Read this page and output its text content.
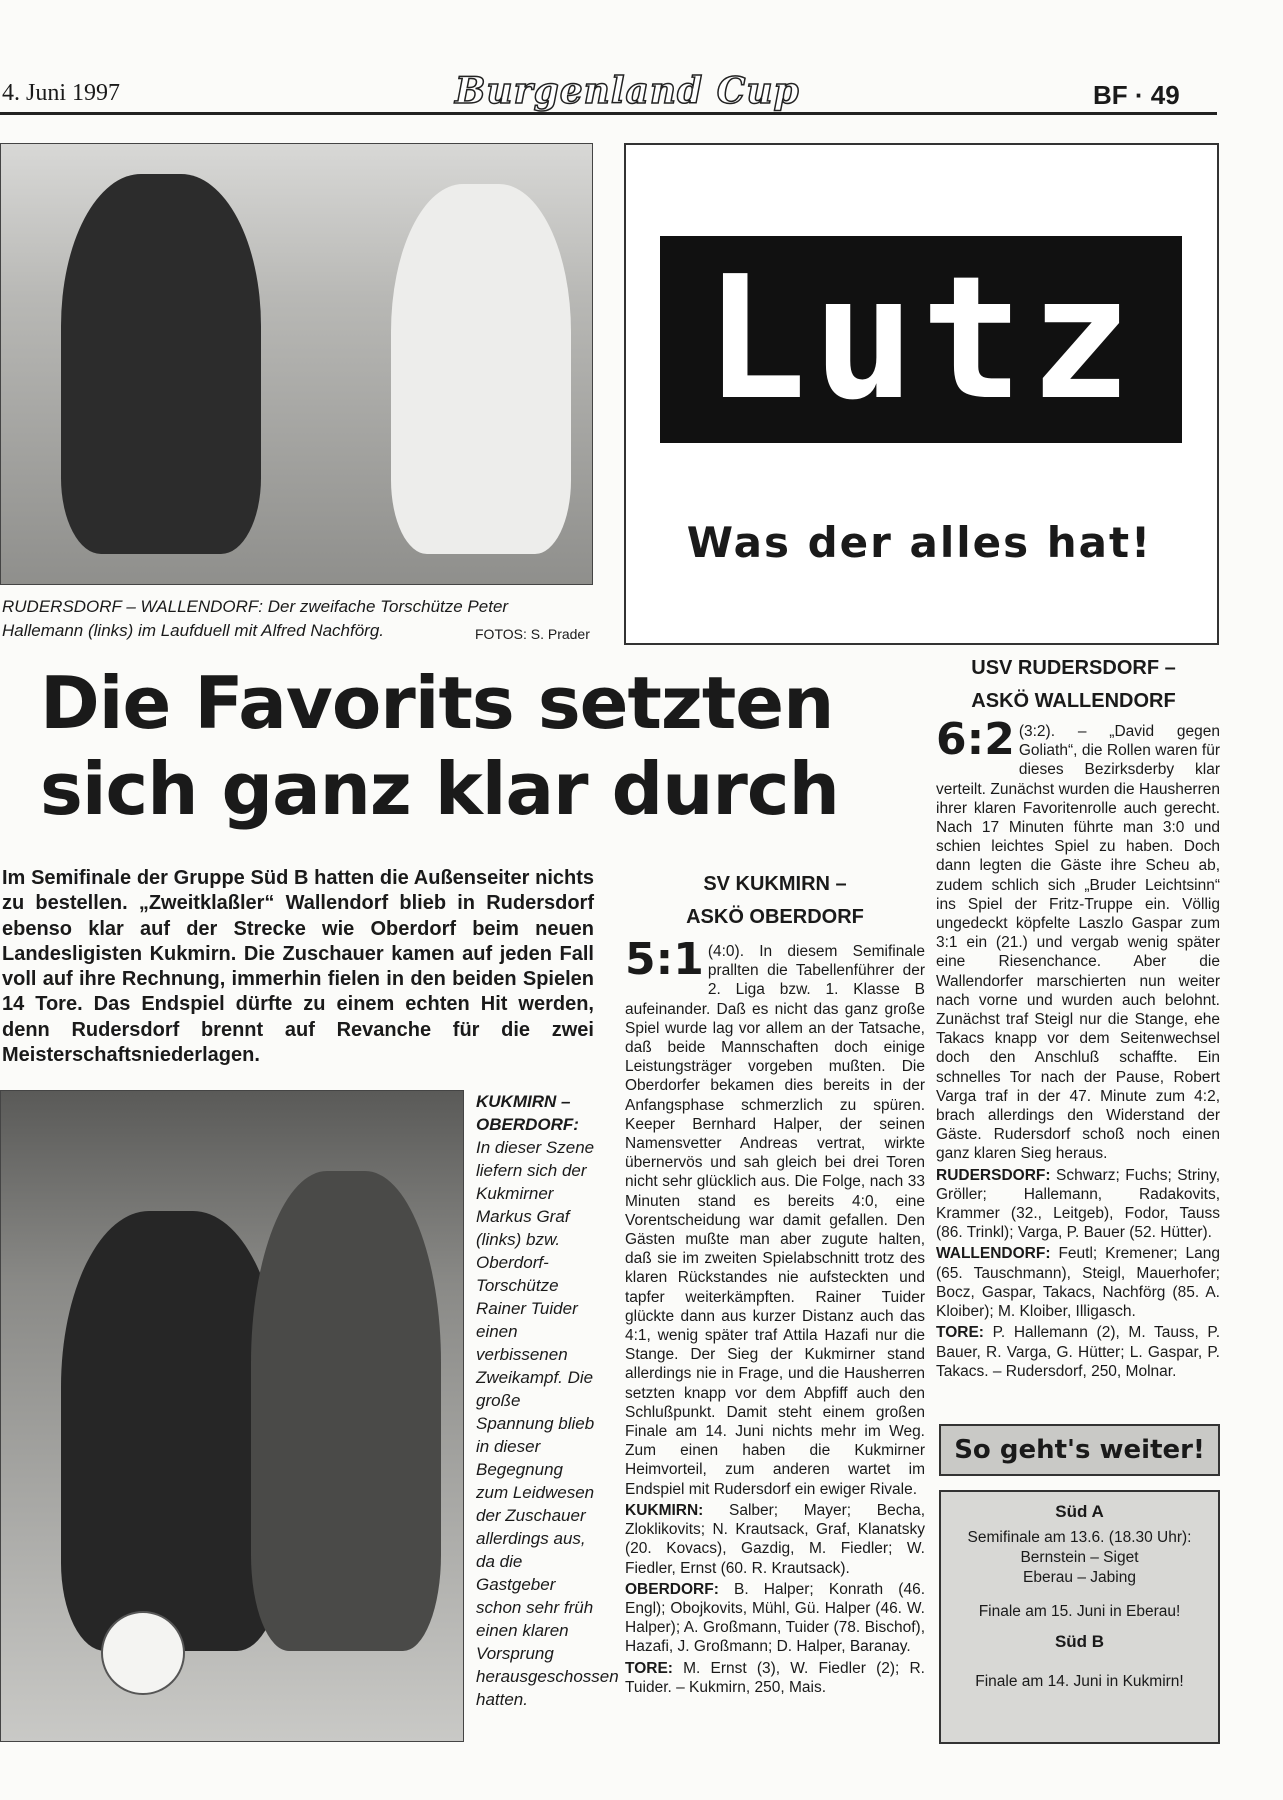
4. Juni 1997	Burgenland Cup	BF · 49
RUDERSDORF – WALLENDORF: Der zweifache Torschütze Peter Hallemann (links) im Laufduell mit Alfred Nachförg.	FOTOS: S. Prader
Lutz
Was der alles hat!
Die Favorits setzten
sich ganz klar durch
Im Semifinale der Gruppe Süd B hatten die Außenseiter nichts zu bestellen. „Zweitklaßler“ Wallendorf blieb in Rudersdorf ebenso klar auf der Strecke wie Oberdorf beim neuen Landesligisten Kukmirn. Die Zuschauer kamen auf jeden Fall voll auf ihre Rechnung, immerhin fielen in den beiden Spielen 14 Tore. Das Endspiel dürfte zu einem echten Hit werden, denn Rudersdorf brennt auf Revanche für die zwei Meisterschaftsniederlagen.
KUKMIRN – OBERDORF: In dieser Szene liefern sich der Kukmirner Markus Graf (links) bzw. Oberdorf-Torschütze Rainer Tuider einen verbissenen Zweikampf. Die große Spannung blieb in dieser Begegnung zum Leidwesen der Zuschauer allerdings aus, da die Gastgeber schon sehr früh einen klaren Vorsprung herausgeschossen hatten.
SV KUKMIRN –
ASKÖ OBERDORF

5:1 (4:0). In diesem Semifinale prallten die Tabellenführer der 2. Liga bzw. 1. Klasse B aufeinander. Daß es nicht das ganz große Spiel wurde lag vor allem an der Tatsache, daß beide Mannschaften doch einige Leistungsträger vorgeben mußten. Die Oberdorfer bekamen dies bereits in der Anfangsphase schmerzlich zu spüren. Keeper Bernhard Halper, der seinen Namensvetter Andreas vertrat, wirkte übernervös und sah gleich bei drei Toren nicht sehr glücklich aus. Die Folge, nach 33 Minuten stand es bereits 4:0, eine Vorentscheidung war damit gefallen. Den Gästen mußte man aber zugute halten, daß sie im zweiten Spielabschnitt trotz des klaren Rückstandes nie aufsteckten und tapfer weiterkämpften. Rainer Tuider glückte dann aus kurzer Distanz auch das 4:1, wenig später traf Attila Hazafi nur die Stange. Der Sieg der Kukmirner stand allerdings nie in Frage, und die Hausherren setzten knapp vor dem Abpfiff auch den Schlußpunkt. Damit steht einem großen Finale am 14. Juni nichts mehr im Weg. Zum einen haben die Kukmirner Heimvorteil, zum anderen wartet im Endspiel mit Rudersdorf ein ewiger Rivale.

KUKMIRN: Salber; Mayer; Becha, Zloklikovits; N. Krautsack, Graf, Klanatsky (20. Kovacs), Gazdig, M. Fiedler; W. Fiedler, Ernst (60. R. Krautsack).

OBERDORF: B. Halper; Konrath (46. Engl); Obojkovits, Mühl, Gü. Halper (46. W. Halper); A. Großmann, Tuider (78. Bischof), Hazafi, J. Großmann; D. Halper, Baranay.

TORE: M. Ernst (3), W. Fiedler (2); R. Tuider. – Kukmirn, 250, Mais.

USV RUDERSDORF –
ASKÖ WALLENDORF

6:2 (3:2). – „David gegen Goliath“, die Rollen waren für dieses Bezirksderby klar verteilt. Zunächst wurden die Hausherren ihrer klaren Favoritenrolle auch gerecht. Nach 17 Minuten führte man 3:0 und schien leichtes Spiel zu haben. Doch dann legten die Gäste ihre Scheu ab, zudem schlich sich „Bruder Leichtsinn“ ins Spiel der Fritz-Truppe ein. Völlig ungedeckt köpfelte Laszlo Gaspar zum 3:1 ein (21.) und vergab wenig später eine Riesenchance. Aber die Wallendorfer marschierten nun weiter nach vorne und wurden auch belohnt. Zunächst traf Steigl nur die Stange, ehe Takacs knapp vor dem Seitenwechsel doch den Anschluß schaffte. Ein schnelles Tor nach der Pause, Robert Varga traf in der 47. Minute zum 4:2, brach allerdings den Widerstand der Gäste. Rudersdorf schoß noch einen ganz klaren Sieg heraus.

RUDERSDORF: Schwarz; Fuchs; Striny, Gröller; Hallemann, Radakovits, Krammer (32., Leitgeb), Fodor, Tauss (86. Trinkl); Varga, P. Bauer (52. Hütter).

WALLENDORF: Feutl; Kremener; Lang (65. Tauschmann), Steigl, Mauerhofer; Bocz, Gaspar, Takacs, Nachförg (85. A. Kloiber); M. Kloiber, Illigasch.

TORE: P. Hallemann (2), M. Tauss, P. Bauer, R. Varga, G. Hütter; L. Gaspar, P. Takacs. – Rudersdorf, 250, Molnar.

So geht's weiter!
Süd A
Semifinale am 13.6. (18.30 Uhr):
Bernstein – Siget
Eberau – Jabing
Finale am 15. Juni in Eberau!
Süd B
Finale am 14. Juni in Kukmirn!
